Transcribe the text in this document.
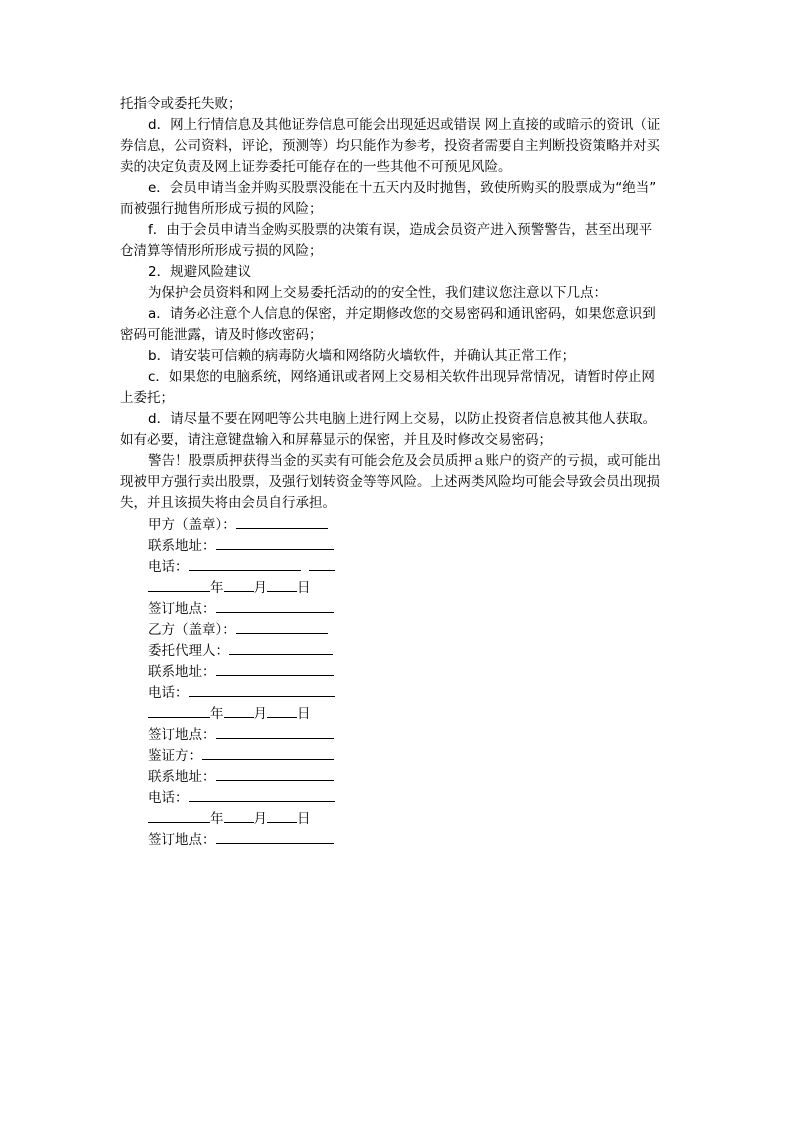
托指令或委托失败；
d．网上行情信息及其他证券信息可能会出现延迟或错误 网上直接的或暗示的资讯（证
券信息，公司资料，评论，预测等）均只能作为参考，投资者需要自主判断投资策略并对买
卖的决定负责及网上证券委托可能存在的一些其他不可预见风险。
e．会员申请当金并购买股票没能在十五天内及时抛售，致使所购买的股票成为“绝当”
而被强行抛售所形成亏损的风险；
f．由于会员申请当金购买股票的决策有误，造成会员资产进入预警警告，甚至出现平
仓清算等情形所形成亏损的风险；
2．规避风险建议
为保护会员资料和网上交易委托活动的的安全性，我们建议您注意以下几点：
a．请务必注意个人信息的保密，并定期修改您的交易密码和通讯密码，如果您意识到
密码可能泄露，请及时修改密码；
b．请安装可信赖的病毒防火墙和网络防火墙软件，并确认其正常工作；
c．如果您的电脑系统，网络通讯或者网上交易相关软件出现异常情况，请暂时停止网
上委托；
d．请尽量不要在网吧等公共电脑上进行网上交易，以防止投资者信息被其他人获取。
如有必要，请注意键盘输入和屏幕显示的保密，并且及时修改交易密码；
警告！股票质押获得当金的买卖有可能会危及会员质押ａ账户的资产的亏损，或可能出
现被甲方强行卖出股票，及强行划转资金等等风险。上述两类风险均可能会导致会员出现损
失，并且该损失将由会员自行承担。
甲方（盖章）：
联系地址：
电话：
年 月 日
签订地点：
乙方（盖章）：
委托代理人：
联系地址：
电话：
年 月 日
签订地点：
鉴证方：
联系地址：
电话：
年 月 日
签订地点：
